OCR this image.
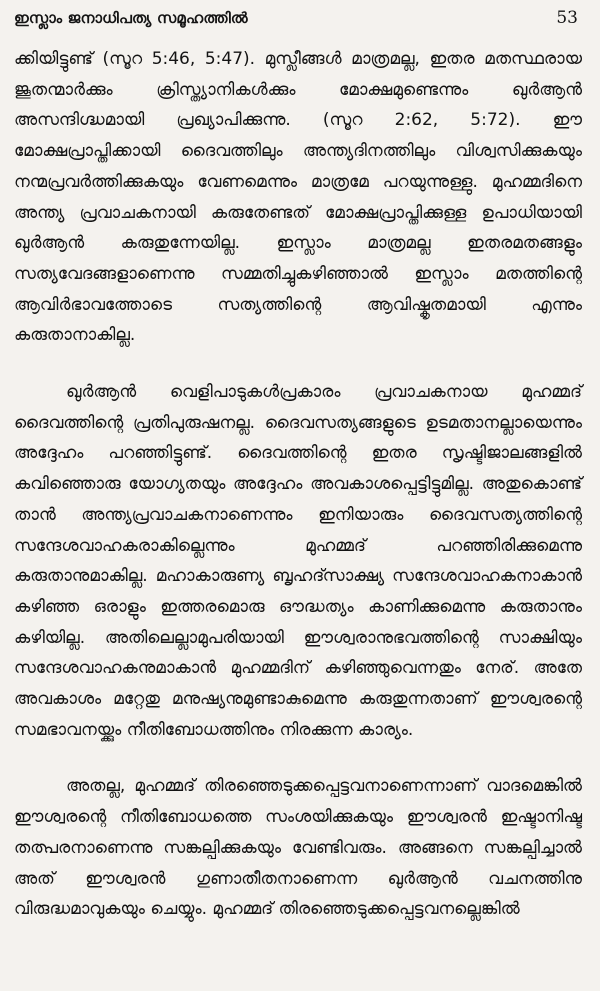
ഇസ്ലാം ജനാധിപത്യ സമൂഹത്തിൽ	53

ക്കിയിട്ടുണ്ട് (സൂറ 5:46, 5:47). മുസ്ലീങ്ങൾ മാത്രമല്ല, ഇതര മതസ്ഥരായ ജൂതന്മാർക്കും ക്രിസ്ത്യാനികൾക്കും മോക്ഷമുണ്ടെന്നും ഖുർആൻ അസന്ദിഗ്ദ്ധമായി പ്രഖ്യാപിക്കുന്നു. (സൂറ 2:62, 5:72). ഈ മോക്ഷപ്രാപ്തിക്കായി ദൈവത്തിലും അന്ത്യദിനത്തിലും വിശ്വസിക്കുകയും നന്മപ്രവർത്തിക്കുകയും വേണമെന്നും മാത്രമേ പറയുന്നുള്ളു. മുഹമ്മദിനെ അന്ത്യ പ്രവാചകനായി കരുതേണ്ടത് മോക്ഷപ്രാപ്തിക്കുള്ള ഉപാധിയായി ഖുർആൻ കരുതുന്നേയില്ല. ഇസ്ലാം മാത്രമല്ല ഇതരമതങ്ങളും സത്യവേദങ്ങളാണെന്നു സമ്മതിച്ചുകഴിഞ്ഞാൽ ഇസ്ലാം മതത്തിന്റെ ആവിർഭാവത്തോടെ സത്യത്തിന്റെ ആവിഷ്കൃതമായി എന്നും കരുതാനാകില്ല.

ഖുർആൻ വെളിപാടുകൾപ്രകാരം പ്രവാചകനായ മുഹമ്മദ് ദൈവത്തിന്റെ പ്രതിപുരുഷനല്ല. ദൈവസത്യങ്ങളുടെ ഉടമതാനല്ലായെന്നും അദ്ദേഹം പറഞ്ഞിട്ടുണ്ട്. ദൈവത്തിന്റെ ഇതര സൃഷ്ടിജാലങ്ങളിൽ കവിഞ്ഞൊരു യോഗ്യതയും അദ്ദേഹം അവകാശപ്പെട്ടിട്ടുമില്ല. അതുകൊണ്ട് താൻ അന്ത്യപ്രവാചകനാണെന്നും ഇനിയാരും ദൈവസത്യത്തിന്റെ സന്ദേശവാഹകരാകില്ലെന്നും മുഹമ്മദ് പറഞ്ഞിരിക്കുമെന്നു കരുതാനുമാകില്ല. മഹാകാരുണ്യ ബൃഹദ്സാക്ഷ്യ സന്ദേശവാഹകനാകാൻ കഴിഞ്ഞ ഒരാളും ഇത്തരമൊരു ഔദ്ധത്യം കാണിക്കുമെന്നു കരുതാനും കഴിയില്ല. അതിലെല്ലാമുപരിയായി ഈശ്വരാനുഭവത്തിന്റെ സാക്ഷിയും സന്ദേശവാഹകനുമാകാൻ മുഹമ്മദിന് കഴിഞ്ഞുവെന്നതും നേര്. അതേ അവകാശം മറ്റേതു മനുഷ്യനുമുണ്ടാകുമെന്നു കരുതുന്നതാണ് ഈശ്വരന്റെ സമഭാവനയ്ക്കും നീതിബോധത്തിനും നിരക്കുന്ന കാര്യം.

അതല്ല, മുഹമ്മദ് തിരഞ്ഞെടുക്കപ്പെട്ടവനാണെന്നാണ് വാദമെങ്കിൽ ഈശ്വരന്റെ നീതിബോധത്തെ സംശയിക്കുകയും ഈശ്വരൻ ഇഷ്ടാനിഷ്ട തത്പരനാണെന്നു സങ്കല്പിക്കുകയും വേണ്ടിവരും. അങ്ങനെ സങ്കല്പിച്ചാൽ അത് ഈശ്വരൻ ഗുണാതീതനാണെന്ന ഖുർആൻ വചനത്തിനു വിരുദ്ധമാവുകയും ചെയ്യും. മുഹമ്മദ് തിരഞ്ഞെടുക്കപ്പെട്ടവനല്ലെങ്കിൽ
